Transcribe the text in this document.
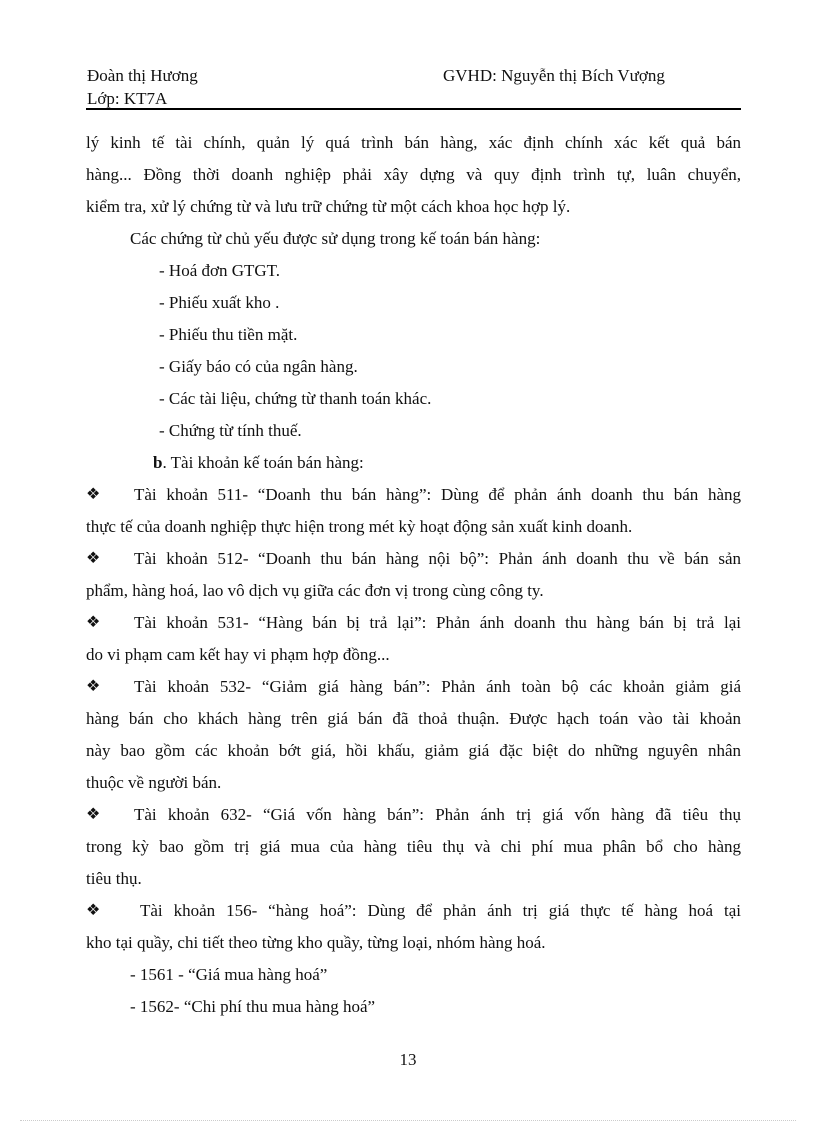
Đoàn thị Hương
Lớp: KT7A
GVHD: Nguyễn thị Bích Vượng
lý kinh tế tài chính, quản lý quá trình bán hàng, xác định chính xác kết quả bán
hàng... Đồng thời doanh nghiệp phải xây dựng và quy định trình tự, luân chuyển,
kiểm tra, xử lý chứng từ và lưu trữ chứng từ một cách khoa học hợp lý.
Các chứng từ chủ yếu được sử dụng trong kế toán bán hàng:
- Hoá đơn GTGT.
- Phiếu xuất kho .
- Phiếu thu tiền mặt.
- Giấy báo có của ngân hàng.
- Các tài liệu, chứng từ thanh toán khác.
- Chứng từ tính thuế.
b. Tài khoản kế toán bán hàng:
❖ Tài khoản 511- “Doanh thu bán hàng”: Dùng để phản ánh doanh thu bán hàng
thực tế của doanh nghiệp thực hiện trong mét kỳ hoạt động sản xuất kinh doanh.
❖ Tài khoản 512- “Doanh thu bán hàng nội bộ”: Phản ánh doanh thu về bán sản
phẩm, hàng hoá, lao vô dịch vụ giữa các đơn vị trong cùng công ty.
❖ Tài khoản 531- “Hàng bán bị trả lại”: Phản ánh doanh thu hàng bán bị trả lại
do vi phạm cam kết hay vi phạm hợp đồng...
❖ Tài khoản 532- “Giảm giá hàng bán”: Phản ánh toàn bộ các khoản giảm giá
hàng bán cho khách hàng trên giá bán đã thoả thuận. Được hạch toán vào tài khoản
này bao gồm các khoản bớt giá, hồi khấu, giảm giá đặc biệt do những nguyên nhân
thuộc về người bán.
❖ Tài khoản 632- “Giá vốn hàng bán”: Phản ánh trị giá vốn hàng đã tiêu thụ
trong kỳ bao gồm trị giá mua của hàng tiêu thụ và chi phí mua phân bổ cho hàng
tiêu thụ.
❖ Tài khoản 156- “hàng hoá”: Dùng để phản ánh trị giá thực tế hàng hoá tại
kho tại quầy, chi tiết theo từng kho quầy, từng loại, nhóm hàng hoá.
- 1561 - “Giá mua hàng hoá”
- 1562- “Chi phí thu mua hàng hoá”
13
